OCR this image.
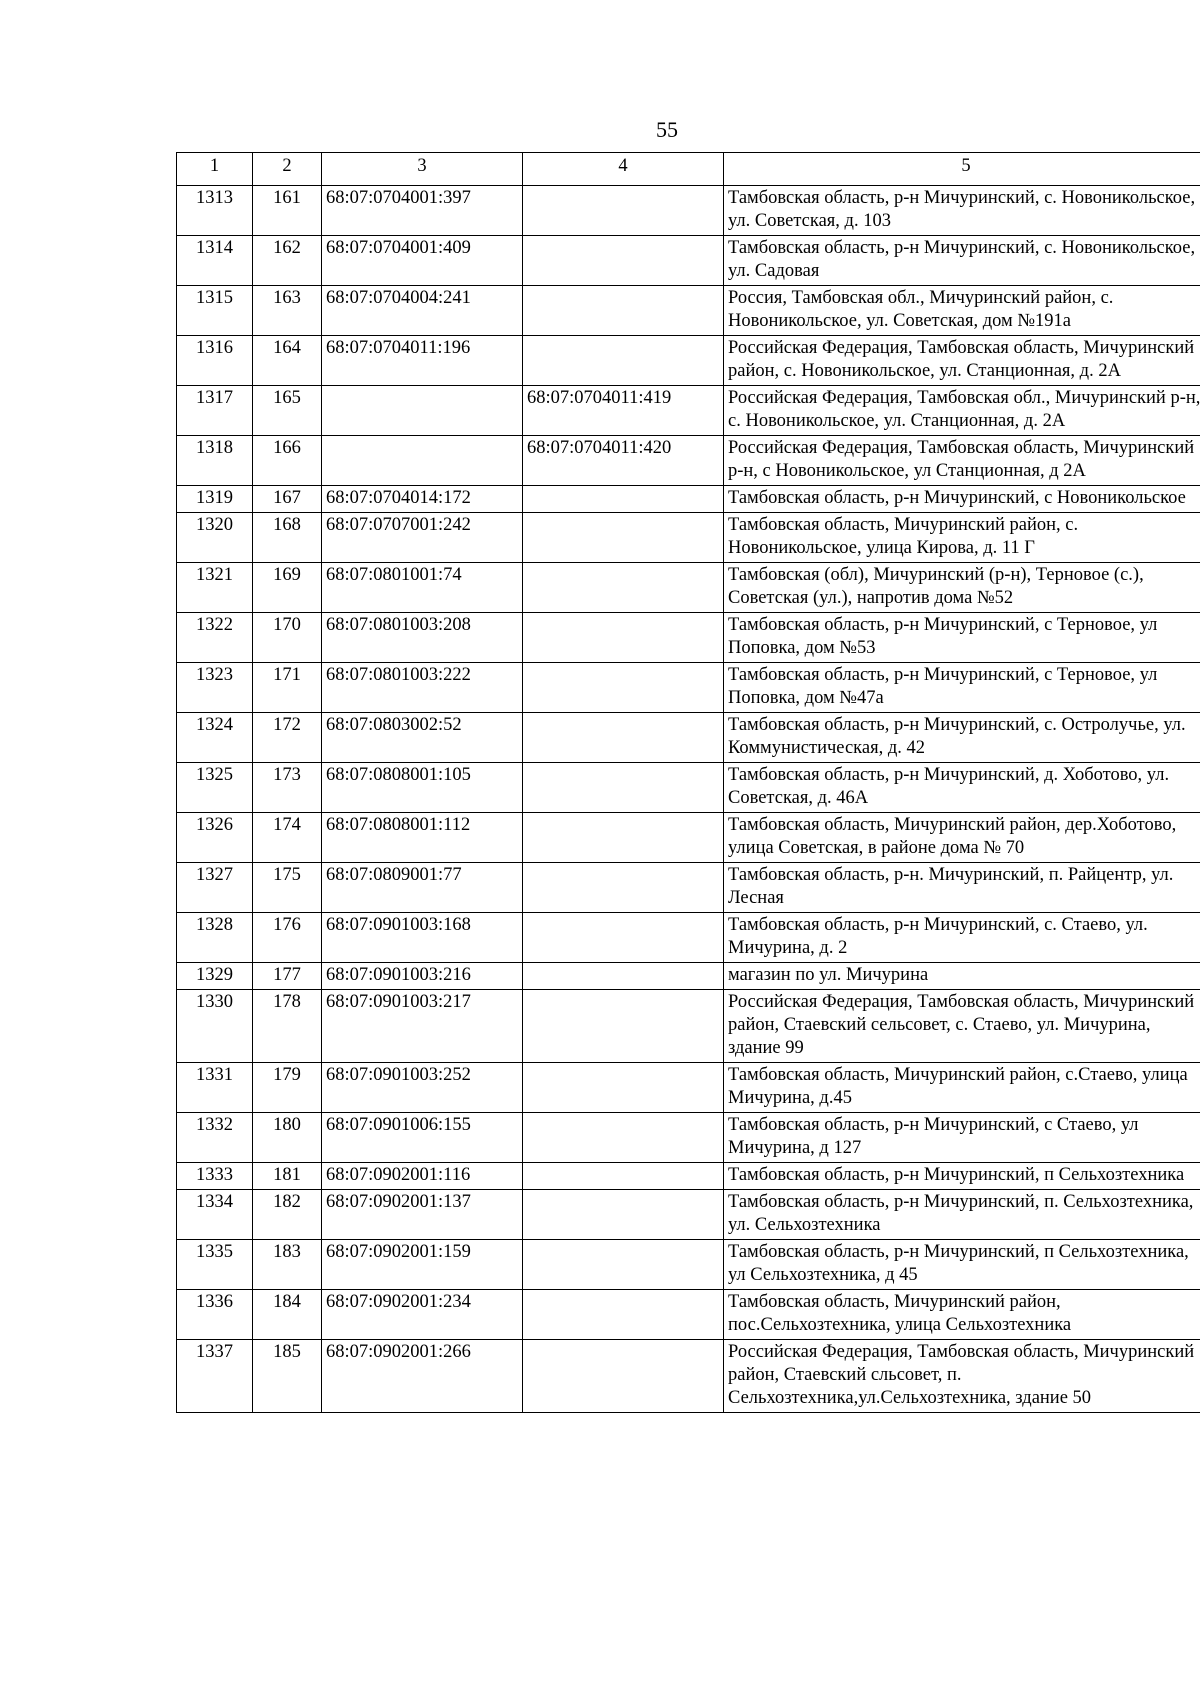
55
1	2	3	4	5
1313	161	68:07:0704001:397		Тамбовская область, р-н Мичуринский, с. Новоникольское, ул. Советская, д. 103
1314	162	68:07:0704001:409		Тамбовская область, р-н Мичуринский, с. Новоникольское, ул. Садовая
1315	163	68:07:0704004:241		Россия, Тамбовская обл., Мичуринский район, с. Новоникольское, ул. Советская, дом №191а
1316	164	68:07:0704011:196		Российская Федерация, Тамбовская область, Мичуринский район, с. Новоникольское, ул. Станционная, д. 2А
1317	165		68:07:0704011:419	Российская Федерация, Тамбовская обл., Мичуринский р-н, с. Новоникольское, ул. Станционная, д. 2А
1318	166		68:07:0704011:420	Российская Федерация, Тамбовская область, Мичуринский р-н, с Новоникольское, ул Станционная, д 2А
1319	167	68:07:0704014:172		Тамбовская область, р-н Мичуринский, с Новоникольское
1320	168	68:07:0707001:242		Тамбовская область, Мичуринский район, с. Новоникольское, улица Кирова, д. 11 Г
1321	169	68:07:0801001:74		Тамбовская (обл), Мичуринский (р-н), Терновое (с.), Советская (ул.), напротив дома №52
1322	170	68:07:0801003:208		Тамбовская область, р-н Мичуринский, с Терновое, ул Поповка, дом №53
1323	171	68:07:0801003:222		Тамбовская область, р-н Мичуринский, с Терновое, ул Поповка, дом №47а
1324	172	68:07:0803002:52		Тамбовская область, р-н Мичуринский, с. Остролучье, ул. Коммунистическая, д. 42
1325	173	68:07:0808001:105		Тамбовская область, р-н Мичуринский, д. Хоботово, ул. Советская, д. 46А
1326	174	68:07:0808001:112		Тамбовская область, Мичуринский район, дер.Хоботово, улица Советская, в районе дома № 70
1327	175	68:07:0809001:77		Тамбовская область, р-н. Мичуринский, п. Райцентр, ул. Лесная
1328	176	68:07:0901003:168		Тамбовская область, р-н Мичуринский, с. Стаево, ул. Мичурина, д. 2
1329	177	68:07:0901003:216		магазин по ул. Мичурина
1330	178	68:07:0901003:217		Российская Федерация, Тамбовская область, Мичуринский район, Стаевский сельсовет, с. Стаево, ул. Мичурина, здание 99
1331	179	68:07:0901003:252		Тамбовская область, Мичуринский район, с.Стаево, улица Мичурина, д.45
1332	180	68:07:0901006:155		Тамбовская область, р-н Мичуринский, с Стаево, ул Мичурина, д 127
1333	181	68:07:0902001:116		Тамбовская область, р-н Мичуринский, п Сельхозтехника
1334	182	68:07:0902001:137		Тамбовская область, р-н Мичуринский, п. Сельхозтехника, ул. Сельхозтехника
1335	183	68:07:0902001:159		Тамбовская область, р-н Мичуринский, п Сельхозтехника, ул Сельхозтехника, д 45
1336	184	68:07:0902001:234		Тамбовская область, Мичуринский район, пос.Сельхозтехника, улица Сельхозтехника
1337	185	68:07:0902001:266		Российская Федерация, Тамбовская область, Мичуринский район, Стаевский сльсовет, п. Сельхозтехника,ул.Сельхозтехника, здание 50
